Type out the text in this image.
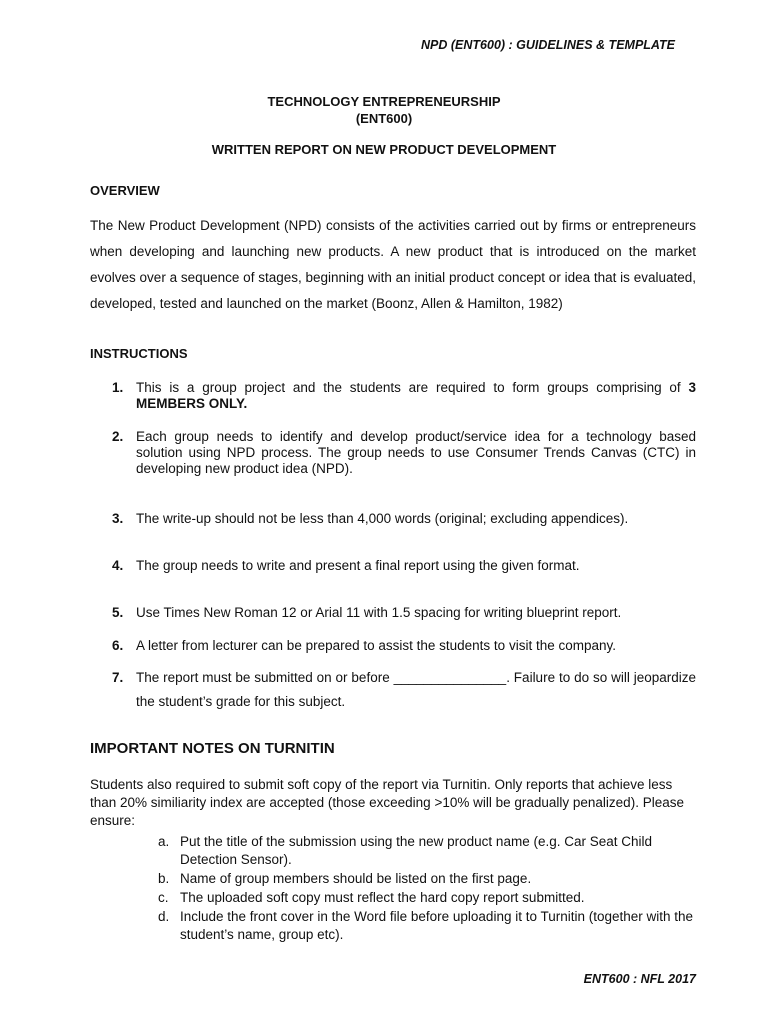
NPD (ENT600) : GUIDELINES & TEMPLATE
TECHNOLOGY ENTREPRENEURSHIP
(ENT600)
WRITTEN REPORT ON NEW PRODUCT DEVELOPMENT
OVERVIEW

The New Product Development (NPD) consists of the activities carried out by firms or entrepreneurs when developing and launching new products. A new product that is introduced on the market evolves over a sequence of stages, beginning with an initial product concept or idea that is evaluated, developed, tested and launched on the market (Boonz, Allen & Hamilton, 1982)

INSTRUCTIONS
1. This is a group project and the students are required to form groups comprising of 3 MEMBERS ONLY.
2. Each group needs to identify and develop product/service idea for a technology based solution using NPD process. The group needs to use Consumer Trends Canvas (CTC) in developing new product idea (NPD).
3. The write-up should not be less than 4,000 words (original; excluding appendices).
4. The group needs to write and present a final report using the given format.
5. Use Times New Roman 12 or Arial 11 with 1.5 spacing for writing blueprint report.
6. A letter from lecturer can be prepared to assist the students to visit the company.
7. The report must be submitted on or before _______________. Failure to do so will jeopardize the student’s grade for this subject.
IMPORTANT NOTES ON TURNITIN

Students also required to submit soft copy of the report via Turnitin. Only reports that achieve less than 20% similiarity index are accepted (those exceeding >10% will be gradually penalized). Please ensure:

a. Put the title of the submission using the new product name (e.g. Car Seat Child Detection Sensor).
b. Name of group members should be listed on the first page.
c. The uploaded soft copy must reflect the hard copy report submitted.
d. Include the front cover in the Word file before uploading it to Turnitin (together with the student’s name, group etc).
ENT600 : NFL 2017
